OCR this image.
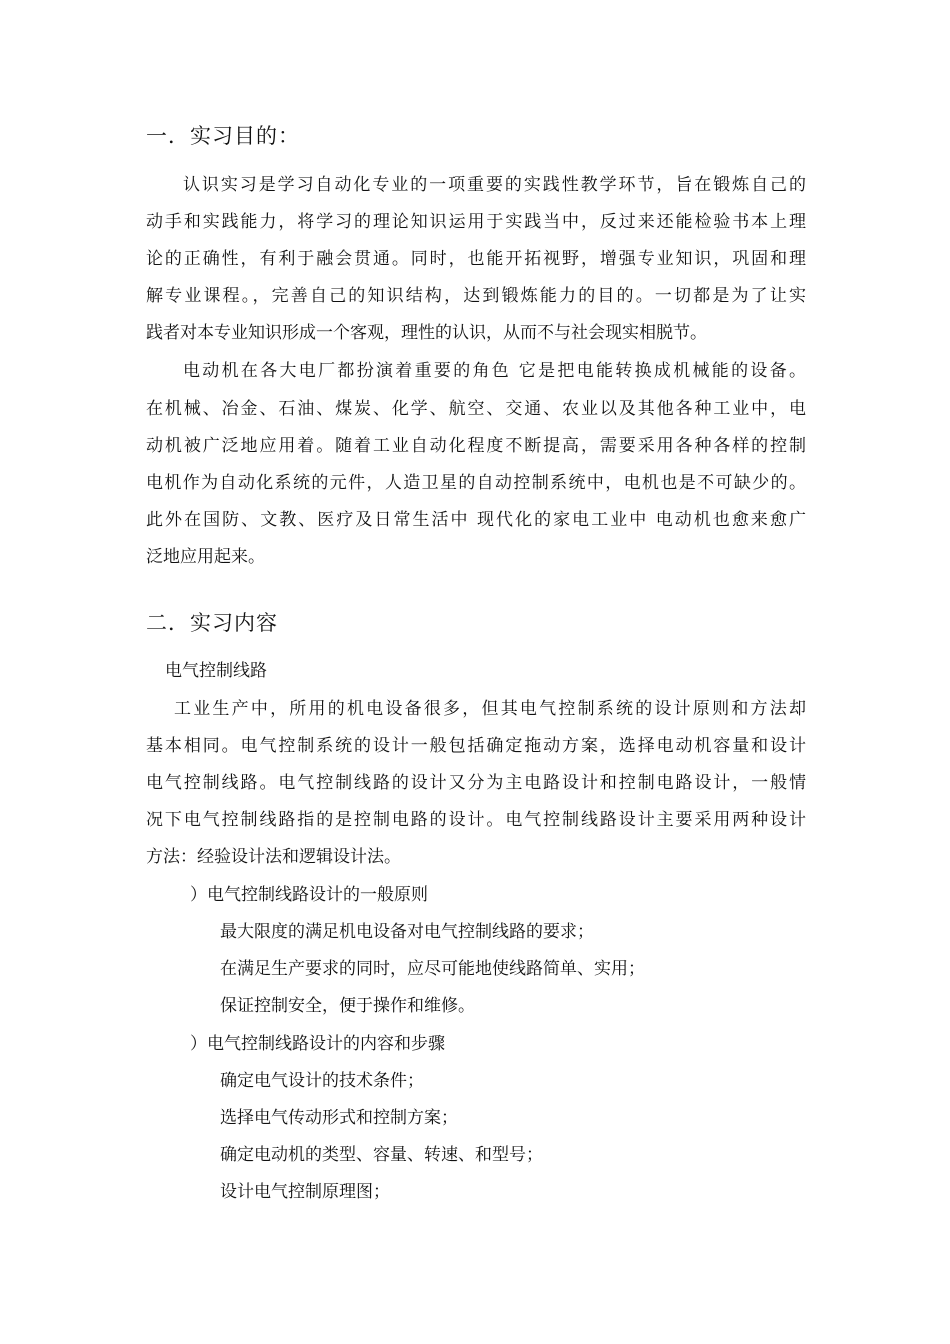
一．实习目的：
认识实习是学习自动化专业的一项重要的实践性教学环节，旨在锻炼自己的
动手和实践能力，将学习的理论知识运用于实践当中，反过来还能检验书本上理
论的正确性，有利于融会贯通。同时，也能开拓视野，增强专业知识，巩固和理
解专业课程。，完善自己的知识结构，达到锻炼能力的目的。一切都是为了让实
践者对本专业知识形成一个客观，理性的认识，从而不与社会现实相脱节。
电动机在各大电厂都扮演着重要的角色 它是把电能转换成机械能的设备。
在机械、冶金、石油、煤炭、化学、航空、交通、农业以及其他各种工业中，电
动机被广泛地应用着。随着工业自动化程度不断提高，需要采用各种各样的控制
电机作为自动化系统的元件，人造卫星的自动控制系统中，电机也是不可缺少的。
此外在国防、文教、医疗及日常生活中 现代化的家电工业中 电动机也愈来愈广
泛地应用起来。
二．实习内容
电气控制线路
工业生产中，所用的机电设备很多，但其电气控制系统的设计原则和方法却
基本相同。电气控制系统的设计一般包括确定拖动方案，选择电动机容量和设计
电气控制线路。电气控制线路的设计又分为主电路设计和控制电路设计，一般情
况下电气控制线路指的是控制电路的设计。电气控制线路设计主要采用两种设计
方法：经验设计法和逻辑设计法。
）电气控制线路设计的一般原则
最大限度的满足机电设备对电气控制线路的要求；
在满足生产要求的同时，应尽可能地使线路简单、实用；
保证控制安全，便于操作和维修。
）电气控制线路设计的内容和步骤
确定电气设计的技术条件；
选择电气传动形式和控制方案；
确定电动机的类型、容量、转速、和型号；
设计电气控制原理图；
